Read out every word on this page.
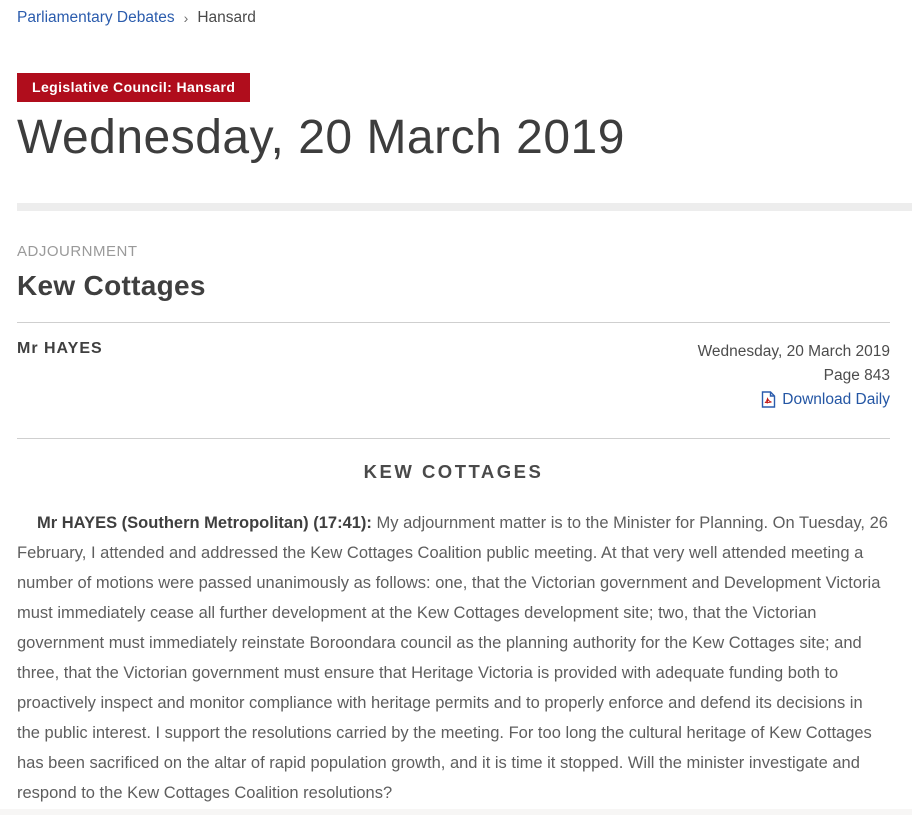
Parliamentary Debates › Hansard
Legislative Council: Hansard
Wednesday, 20 March 2019
ADJOURNMENT
Kew Cottages
Mr HAYES	Wednesday, 20 March 2019
Page 843
Download Daily
KEW COTTAGES

Mr HAYES (Southern Metropolitan) (17:41): My adjournment matter is to the Minister for Planning. On Tuesday, 26 February, I attended and addressed the Kew Cottages Coalition public meeting. At that very well attended meeting a number of motions were passed unanimously as follows: one, that the Victorian government and Development Victoria must immediately cease all further development at the Kew Cottages development site; two, that the Victorian government must immediately reinstate Boroondara council as the planning authority for the Kew Cottages site; and three, that the Victorian government must ensure that Heritage Victoria is provided with adequate funding both to proactively inspect and monitor compliance with heritage permits and to properly enforce and defend its decisions in the public interest. I support the resolutions carried by the meeting. For too long the cultural heritage of Kew Cottages has been sacrificed on the altar of rapid population growth, and it is time it stopped. Will the minister investigate and respond to the Kew Cottages Coalition resolutions?
